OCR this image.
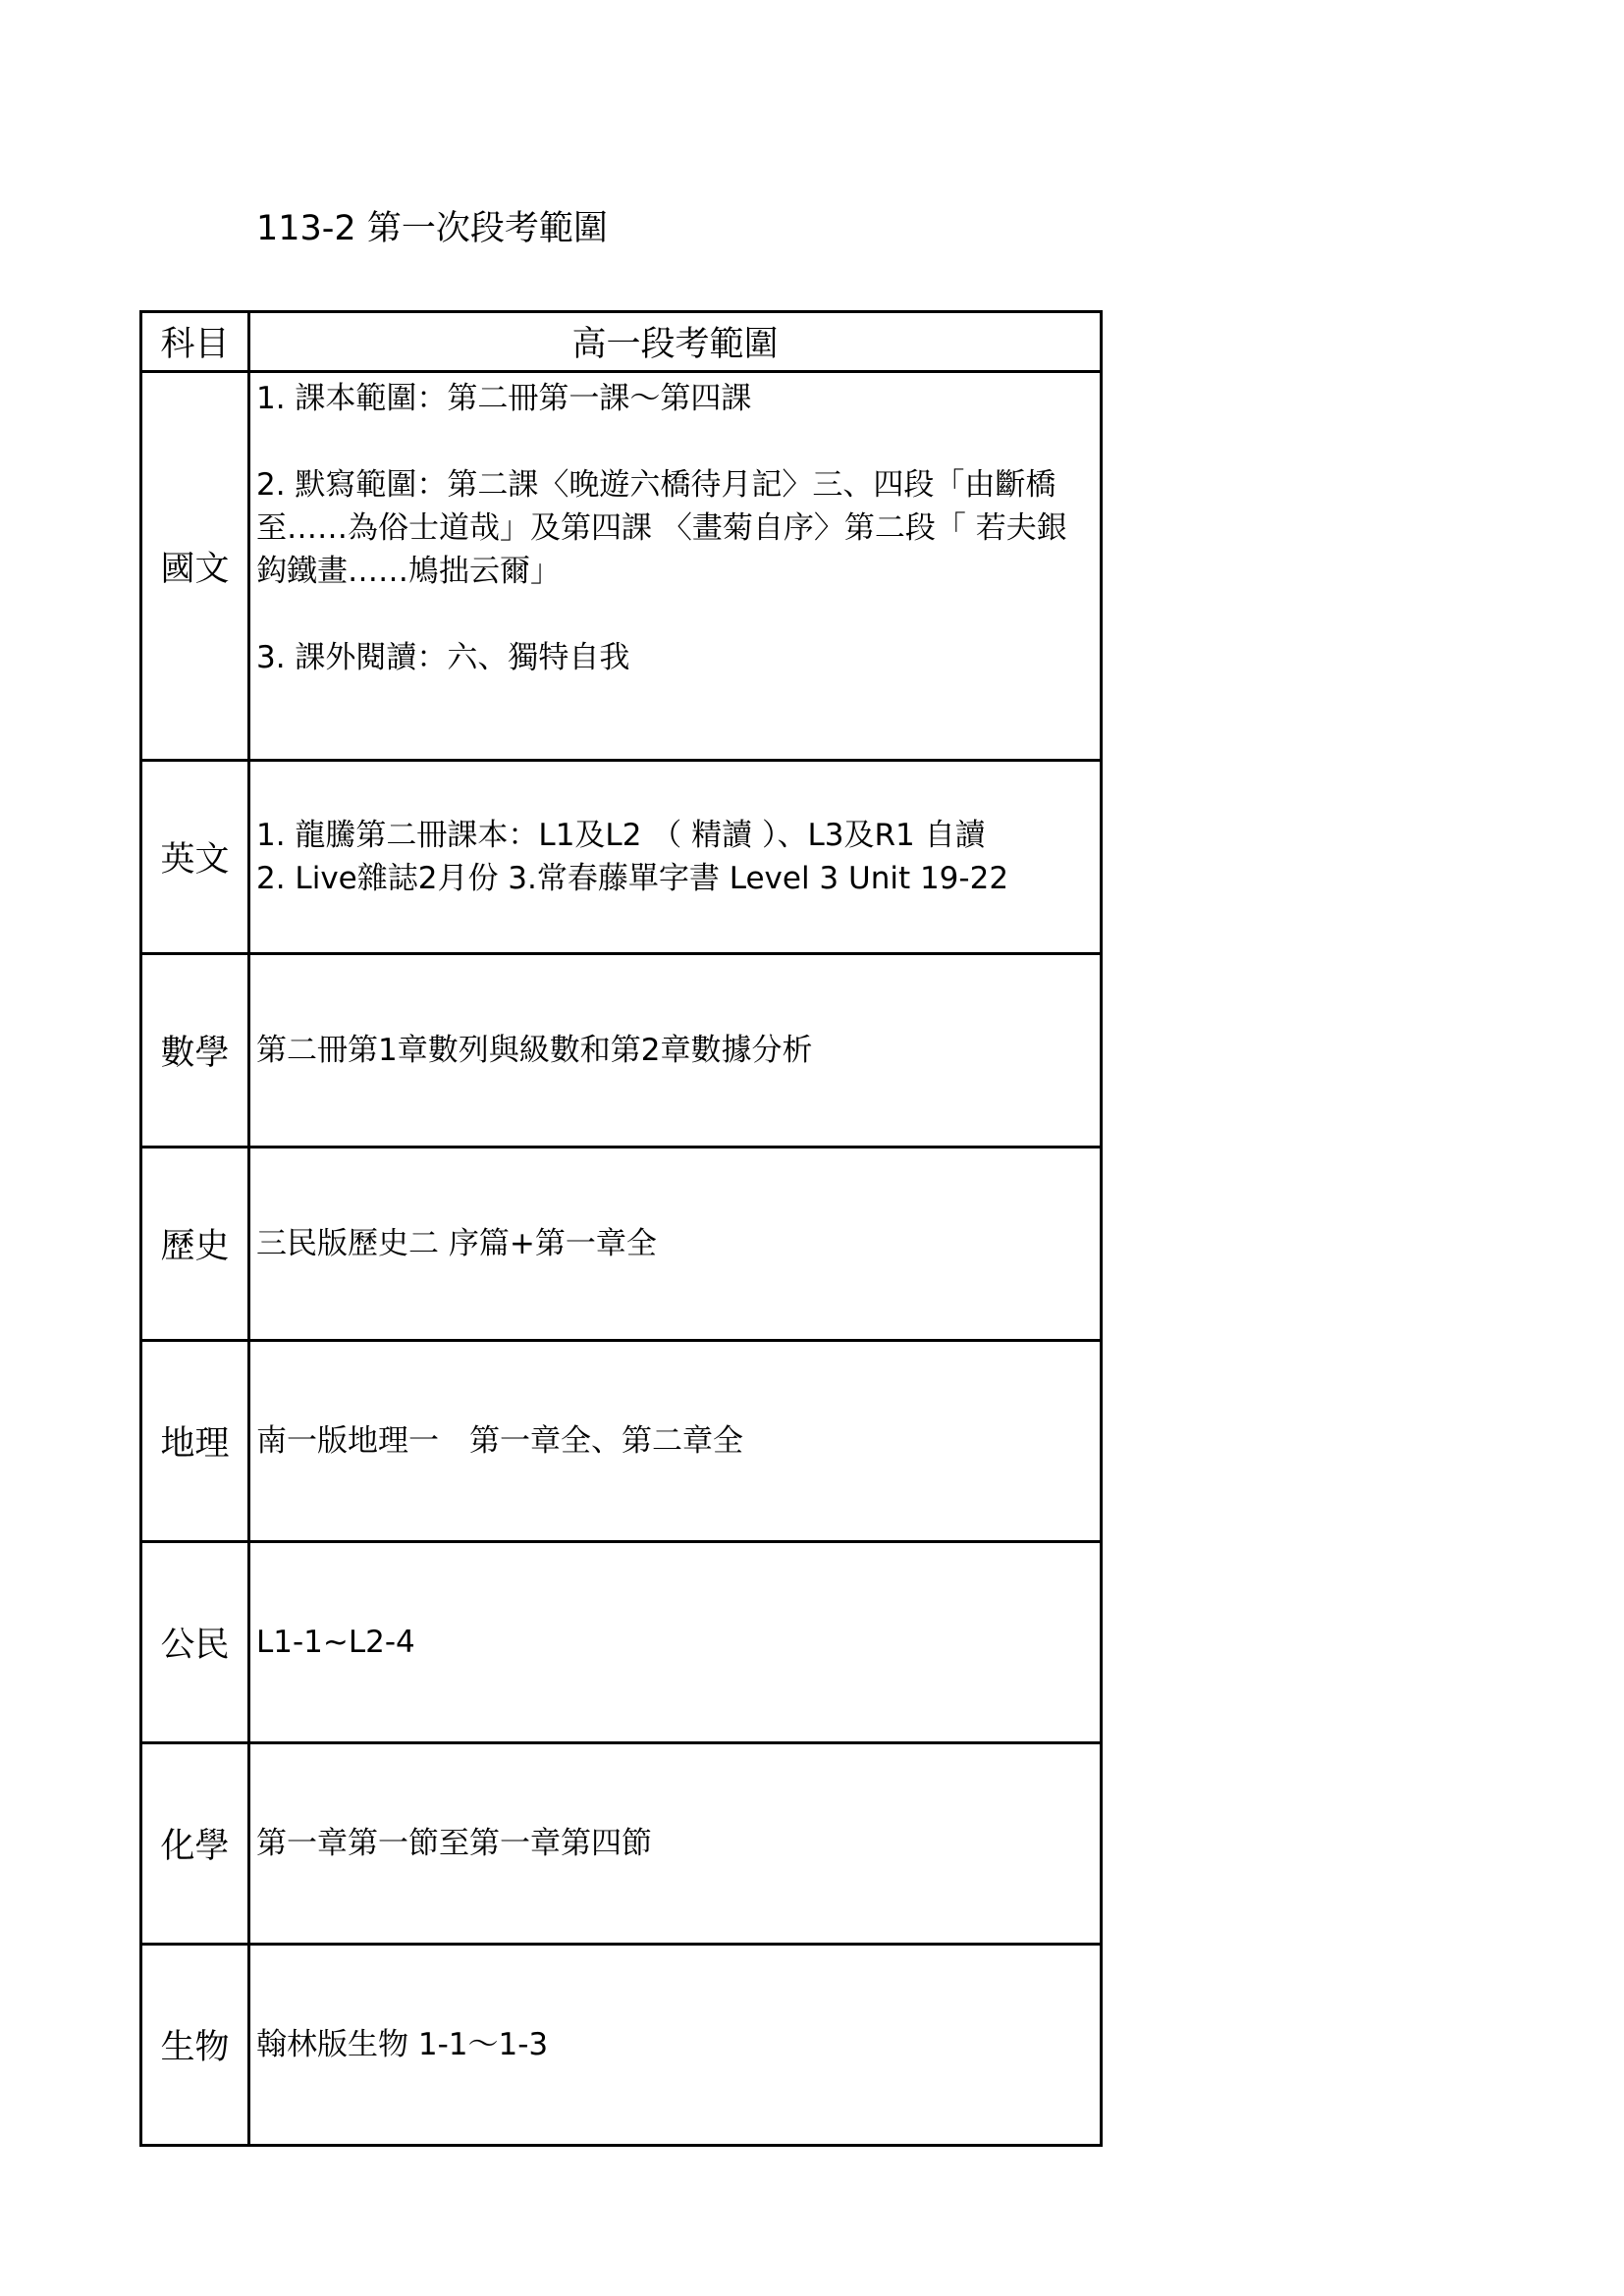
113-2 第一次段考範圍
科目	高一段考範圍
國文	1. 課本範圍：第二冊第一課～第四課
2. 默寫範圍：第二課〈晚遊六橋待月記〉三、四段「由斷橋至……為俗士道哉」及第四課 〈畫菊自序〉第二段「 若夫銀鈎鐵畫……鳩拙云爾」
3. 課外閱讀：六、獨特自我

英文	1. 龍騰第二冊課本：L1及L2 （ 精讀 ）、L3及R1 自讀
2. Live雜誌2月份 3.常春藤單字書 Level 3 Unit 19-22

數學	第二冊第1章數列與級數和第2章數據分析
歷史	三民版歷史二 序篇+第一章全
地理	南一版地理一　第一章全、第二章全
公民	L1-1~L2-4
化學	第一章第一節至第一章第四節
生物	翰林版生物 1-1～1-3
